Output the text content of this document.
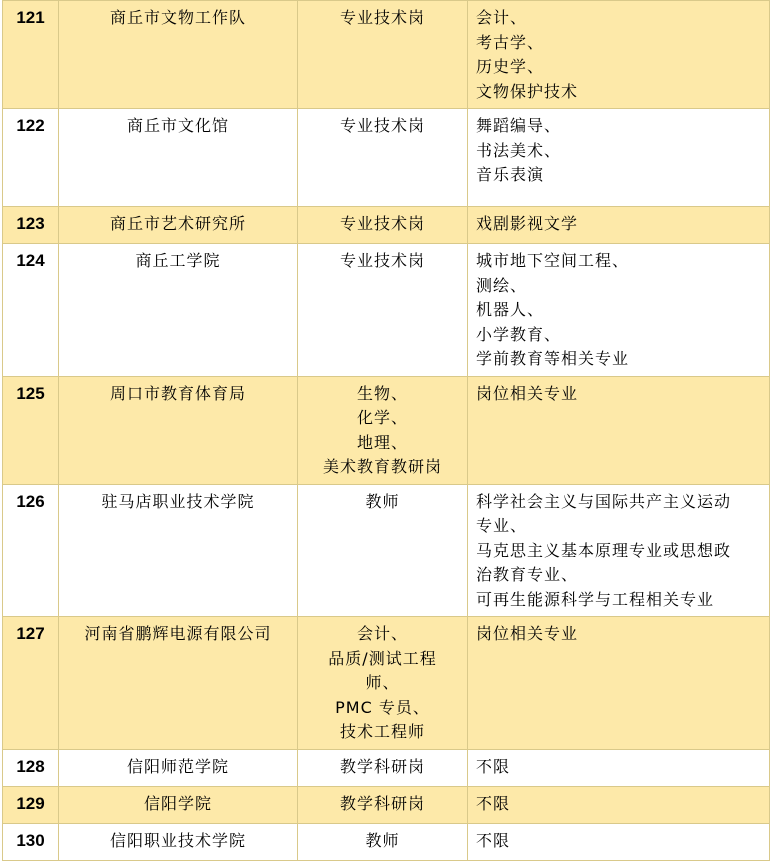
121	商丘市文物工作队	专业技术岗	会计、
考古学、
历史学、
文物保护技术

122	商丘市文化馆	专业技术岗	舞蹈编导、
书法美术、
音乐表演

123	商丘市艺术研究所	专业技术岗	戏剧影视文学

124	商丘工学院	专业技术岗	城市地下空间工程、
测绘、
机器人、
小学教育、
学前教育等相关专业

125	周口市教育体育局	生物、
化学、
地理、
美术教育教研岗	岗位相关专业

126	驻马店职业技术学院	教师	科学社会主义与国际共产主义运动
专业、
马克思主义基本原理专业或思想政
治教育专业、
可再生能源科学与工程相关专业

127	河南省鹏辉电源有限公司	会计、
品质/测试工程
师、
PMC 专员、
技术工程师	岗位相关专业

128	信阳师范学院	教学科研岗	不限

129	信阳学院	教学科研岗	不限

130	信阳职业技术学院	教师	不限
